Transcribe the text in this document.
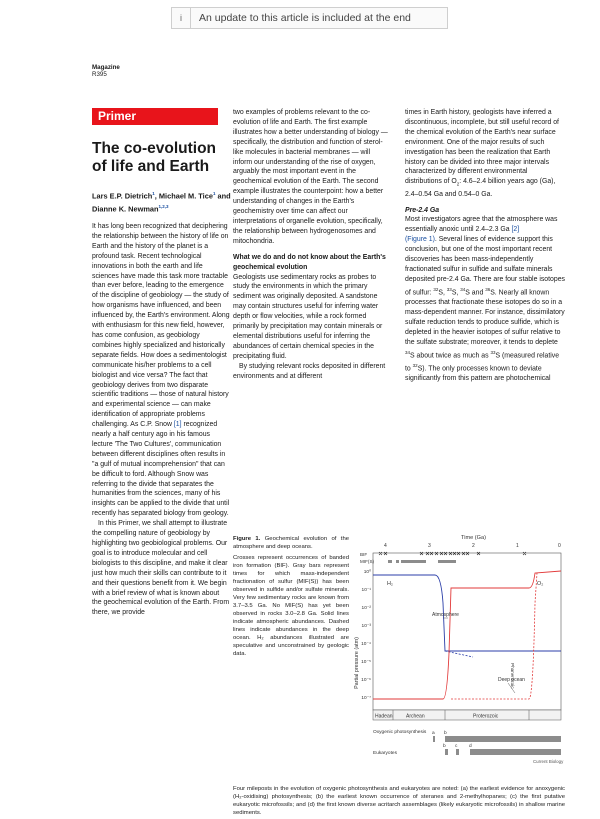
i	An update to this article is included at the end
Magazine
R395
Primer
The co-evolution of life and Earth
Lars E.P. Dietrich$^1$, Michael M. Tice$^1$ and Dianne K. Newman$^{1,2,3}$

It has long been recognized that deciphering the relationship between the history of life on Earth and the history of the planet is a profound task. Recent technological innovations in both the earth and life sciences have made this task more tractable than ever before, leading to the emergence of the discipline of geobiology — the study of how organisms have influenced, and been influenced by, the Earth's environment. Along with enthusiasm for this new field, however, has come confusion, as geobiology combines highly specialized and historically separate fields. How does a sedimentologist communicate his/her problems to a cell biologist and vice versa? The fact that geobiology derives from two disparate scientific traditions — those of natural history and experimental science — can make identification of appropriate problems challenging. As C.P. Snow [1] recognized nearly a half century ago in his famous lecture 'The Two Cultures', communication between different disciplines often results in "a gulf of mutual incomprehension" that can be difficult to ford. Although Snow was referring to the divide that separates the humanities from the sciences, many of his insights can be applied to the divide that until recently has separated biology from geology.

In this Primer, we shall attempt to illustrate the compelling nature of geobiology by highlighting two geobiological problems. Our goal is to introduce molecular and cell biologists to this discipline, and make it clear just how much their skills can contribute to it and their questions benefit from it. We begin with a brief review of what is known about the geochemical evolution of the Earth. From there, we provide

two examples of problems relevant to the co-evolution of life and Earth. The first example illustrates how a better understanding of biology — specifically, the distribution and function of sterol-like molecules in bacterial membranes — will inform our understanding of the rise of oxygen, arguably the most important event in the geochemical evolution of the Earth. The second example illustrates the counterpoint: how a better understanding of changes in the Earth's geochemistry over time can affect our interpretations of organelle evolution, specifically, the relationship between hydrogenosomes and mitochondria.

What we do and do not know about the Earth's geochemical evolution

Geologists use sedimentary rocks as probes to study the environments in which the primary sediment was originally deposited. A sandstone may contain structures useful for inferring water depth or flow velocities, while a rock formed primarily by precipitation may contain minerals or elemental distributions useful for inferring the abundances of certain chemical species in the precipitating fluid.

By studying relevant rocks deposited in different environments and at different

times in Earth history, geologists have inferred a discontinuous, incomplete, but still useful record of the chemical evolution of the Earth's near surface environment. One of the major results of such investigation has been the realization that Earth history can be divided into three major intervals characterized by different environmental distributions of $O_2$: 4.6–2.4 billion years ago (Ga), 2.4–0.54 Ga and 0.54–0 Ga.

Pre-2.4 Ga

Most investigators agree that the atmosphere was essentially anoxic until 2.4–2.3 Ga [2]
(Figure 1). Several lines of evidence support this conclusion, but one of the most important recent discoveries has been mass-independently fractionated sulfur in sulfide and sulfate minerals deposited pre-2.4 Ga. There are four stable isotopes of sulfur: $^{32}$S, $^{33}$S, $^{34}$S and $^{36}$S. Nearly all known processes that fractionate these isotopes do so in a mass-dependent manner. For instance, dissimilatory sulfate reduction tends to produce sulfide, which is depleted in the heavier isotopes of sulfur relative to the sulfate substrate; moreover, it tends to deplete $^{34}$S about twice as much as $^{33}$S (measured relative to $^{32}$S). The only processes known to deviate significantly from this pattern are photochemical

Figure 1. Geochemical evolution of the atmosphere and deep oceans.
Crosses represent occurrences of banded iron formation (BIF). Gray bars represent times for which mass-independent fractionation of sulfur (MIF(S)) has been observed in sulfide and/or sulfate minerals. Very few sedimentary rocks are known from 3.7–3.5 Ga. No MIF(S) has yet been observed in rocks 3.0–2.8 Ga. Solid lines indicate atmospheric abundances. Dashed lines indicate abundances in the deep ocean. H₂ abundances illustrated are speculative and unconstrained by geologic data.
Hadean	Archean	Proterozoic
Phanerozoic
Time (Ga)
4	3	2	1	0
BIF
MIF(S)
Partial pressure (atm)
10⁰
10⁻¹
10⁻²
10⁻³
10⁻⁴
10⁻⁵
10⁻⁶
10⁻⁷
H₂	O₂
Atmosphere
Deep ocean
Oxygenic photosynthesis a b
Eukaryotes
b c d
Current Biology
Four mileposts in the evolution of oxygenic photosynthesis and eukaryotes are noted: (a) the earliest evidence for anoxygenic (H₂-oxidising) photosynthesis; (b) the earliest known occurrence of steranes and 2-methylhopanes; (c) the first putative eukaryotic microfossils; and (d) the first known diverse acritarch assemblages (likely eukaryotic microfossils) in shallow marine sediments.
